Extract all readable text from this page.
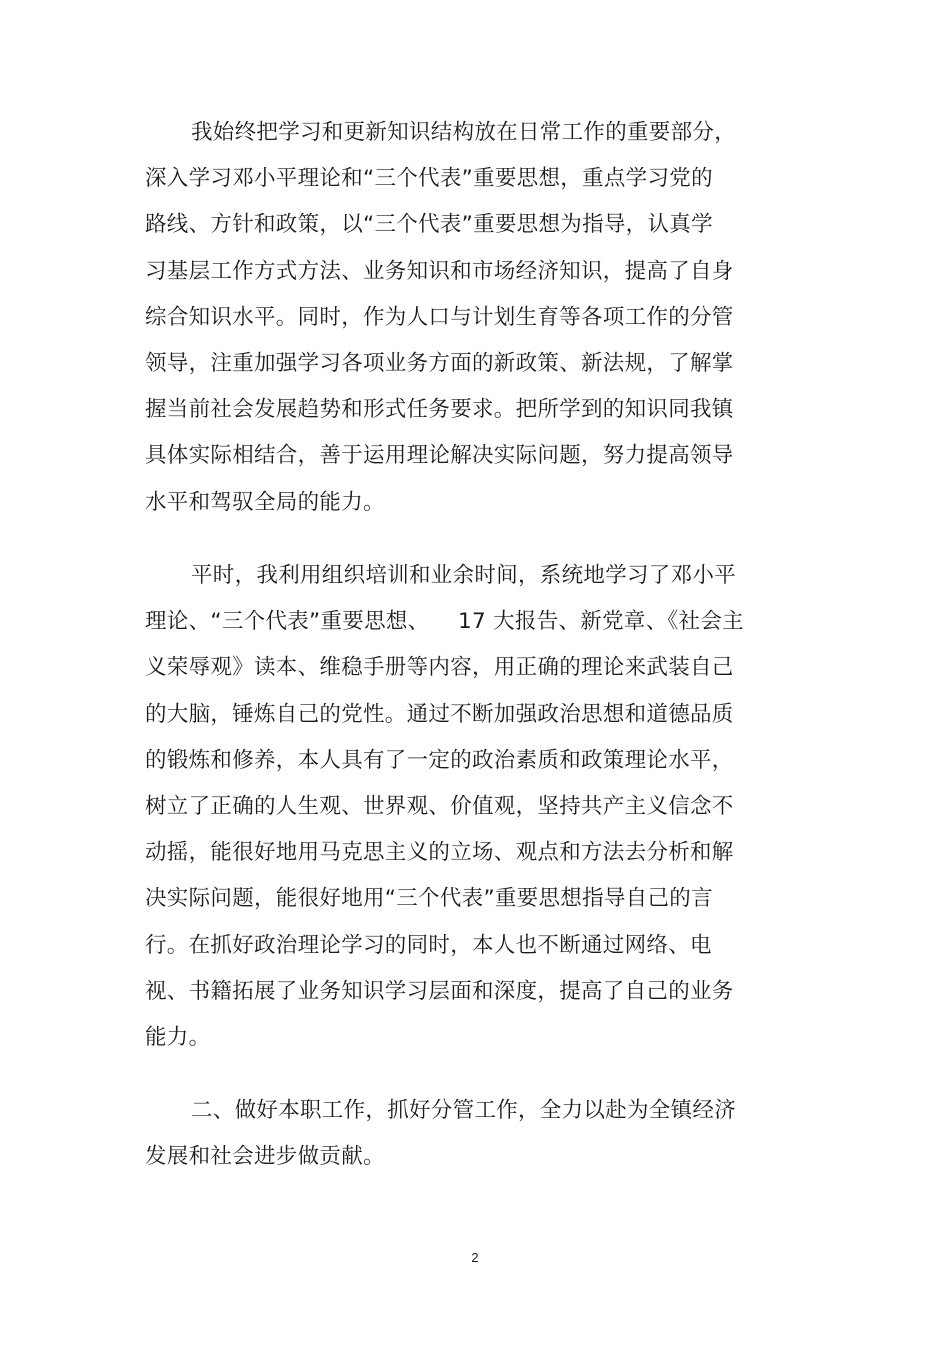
我始终把学习和更新知识结构放在日常工作的重要部分，
深入学习邓小平理论和“三个代表”重要思想，重点学习党的
路线、方针和政策，以“三个代表”重要思想为指导，认真学
习基层工作方式方法、业务知识和市场经济知识，提高了自身
综合知识水平。同时，作为人口与计划生育等各项工作的分管
领导，注重加强学习各项业务方面的新政策、新法规，了解掌
握当前社会发展趋势和形式任务要求。把所学到的知识同我镇
具体实际相结合，善于运用理论解决实际问题，努力提高领导
水平和驾驭全局的能力。
平时，我利用组织培训和业余时间，系统地学习了邓小平
理论、“三个代表”重要思想、    17 大报告、新党章、《社会主
义荣辱观》读本、维稳手册等内容，用正确的理论来武装自己
的大脑，锤炼自己的党性。通过不断加强政治思想和道德品质
的锻炼和修养，本人具有了一定的政治素质和政策理论水平，
树立了正确的人生观、世界观、价值观，坚持共产主义信念不
动摇，能很好地用马克思主义的立场、观点和方法去分析和解
决实际问题，能很好地用“三个代表”重要思想指导自己的言
行。在抓好政治理论学习的同时，本人也不断通过网络、电
视、书籍拓展了业务知识学习层面和深度，提高了自己的业务
能力。
二、做好本职工作，抓好分管工作，全力以赴为全镇经济
发展和社会进步做贡献。
2
